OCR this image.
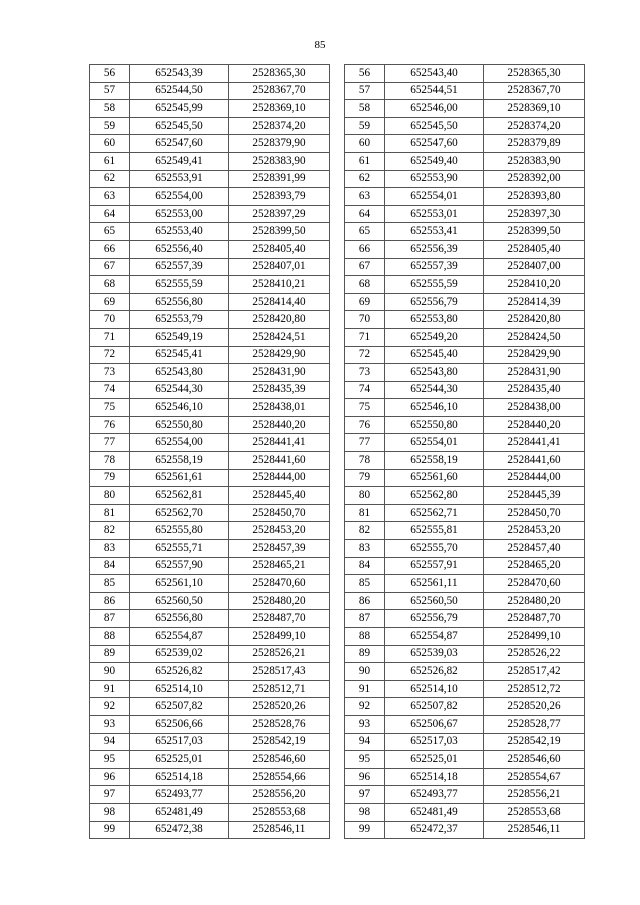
85
56	652543,39	2528365,30
57	652544,50	2528367,70
58	652545,99	2528369,10
59	652545,50	2528374,20
60	652547,60	2528379,90
61	652549,41	2528383,90
62	652553,91	2528391,99
63	652554,00	2528393,79
64	652553,00	2528397,29
65	652553,40	2528399,50
66	652556,40	2528405,40
67	652557,39	2528407,01
68	652555,59	2528410,21
69	652556,80	2528414,40
70	652553,79	2528420,80
71	652549,19	2528424,51
72	652545,41	2528429,90
73	652543,80	2528431,90
74	652544,30	2528435,39
75	652546,10	2528438,01
76	652550,80	2528440,20
77	652554,00	2528441,41
78	652558,19	2528441,60
79	652561,61	2528444,00
80	652562,81	2528445,40
81	652562,70	2528450,70
82	652555,80	2528453,20
83	652555,71	2528457,39
84	652557,90	2528465,21
85	652561,10	2528470,60
86	652560,50	2528480,20
87	652556,80	2528487,70
88	652554,87	2528499,10
89	652539,02	2528526,21
90	652526,82	2528517,43
91	652514,10	2528512,71
92	652507,82	2528520,26
93	652506,66	2528528,76
94	652517,03	2528542,19
95	652525,01	2528546,60
96	652514,18	2528554,66
97	652493,77	2528556,20
98	652481,49	2528553,68
99	652472,38	2528546,11
56	652543,40	2528365,30
57	652544,51	2528367,70
58	652546,00	2528369,10
59	652545,50	2528374,20
60	652547,60	2528379,89
61	652549,40	2528383,90
62	652553,90	2528392,00
63	652554,01	2528393,80
64	652553,01	2528397,30
65	652553,41	2528399,50
66	652556,39	2528405,40
67	652557,39	2528407,00
68	652555,59	2528410,20
69	652556,79	2528414,39
70	652553,80	2528420,80
71	652549,20	2528424,50
72	652545,40	2528429,90
73	652543,80	2528431,90
74	652544,30	2528435,40
75	652546,10	2528438,00
76	652550,80	2528440,20
77	652554,01	2528441,41
78	652558,19	2528441,60
79	652561,60	2528444,00
80	652562,80	2528445,39
81	652562,71	2528450,70
82	652555,81	2528453,20
83	652555,70	2528457,40
84	652557,91	2528465,20
85	652561,11	2528470,60
86	652560,50	2528480,20
87	652556,79	2528487,70
88	652554,87	2528499,10
89	652539,03	2528526,22
90	652526,82	2528517,42
91	652514,10	2528512,72
92	652507,82	2528520,26
93	652506,67	2528528,77
94	652517,03	2528542,19
95	652525,01	2528546,60
96	652514,18	2528554,67
97	652493,77	2528556,21
98	652481,49	2528553,68
99	652472,37	2528546,11
